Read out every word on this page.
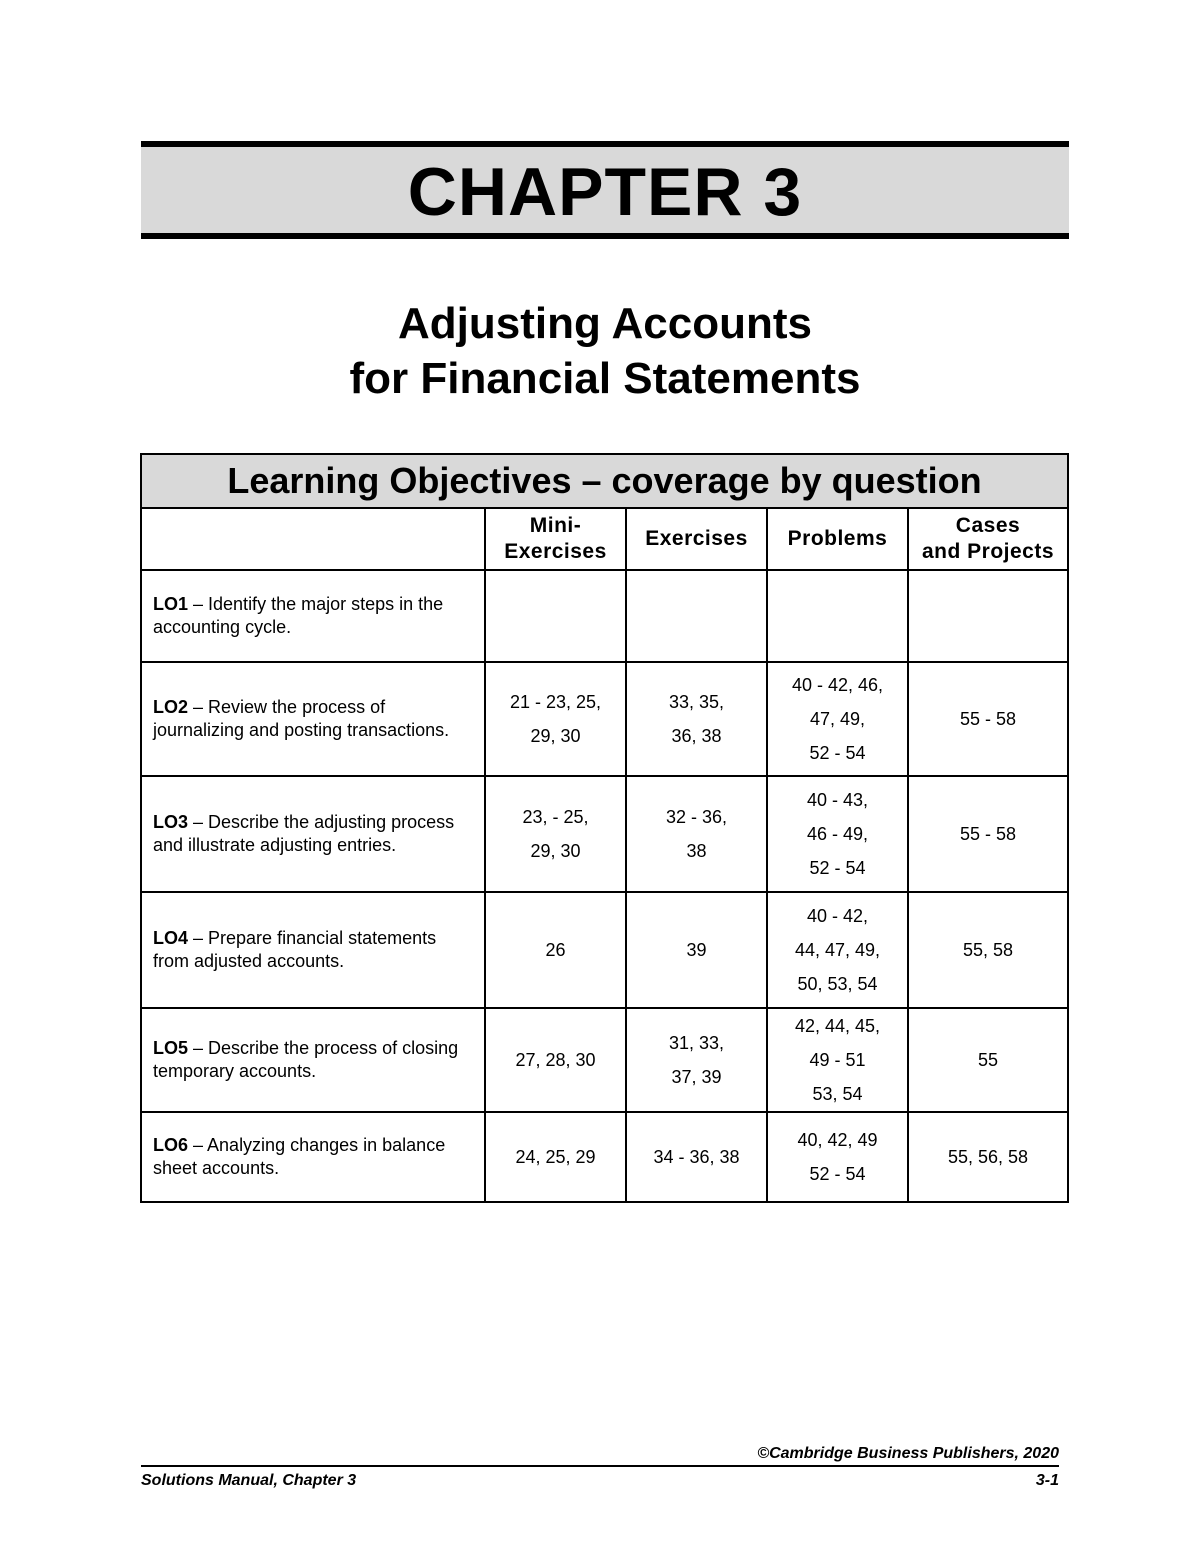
CHAPTER 3
Adjusting Accounts
for Financial Statements
Learning Objectives – coverage by question				

	Mini-
Exercises	Exercises	Problems	Cases
and Projects

LO1 – Identify the major steps in the accounting cycle.				
LO2 – Review the process of journalizing and posting transactions.	21 - 23, 25,
29, 30	33, 35,
36, 38	40 - 42, 46,
47, 49,
52 - 54	55 - 58

LO3 – Describe the adjusting process and illustrate adjusting entries.	23, - 25,
29, 30	32 - 36,
38	40 - 43,
46 - 49,
52 - 54	55 - 58

LO4 – Prepare financial statements from adjusted accounts.	26	39	40 - 42,
44, 47, 49,
50, 53, 54	55, 58

LO5 – Describe the process of closing temporary accounts.	27, 28, 30	31, 33,
37, 39	42, 44, 45,
49 - 51
53, 54	55

LO6 – Analyzing changes in balance sheet accounts.	24, 25, 29	34 - 36, 38	40, 42, 49
52 - 54	55, 56, 58
©Cambridge Business Publishers, 2020
Solutions Manual, Chapter 3	3-1
